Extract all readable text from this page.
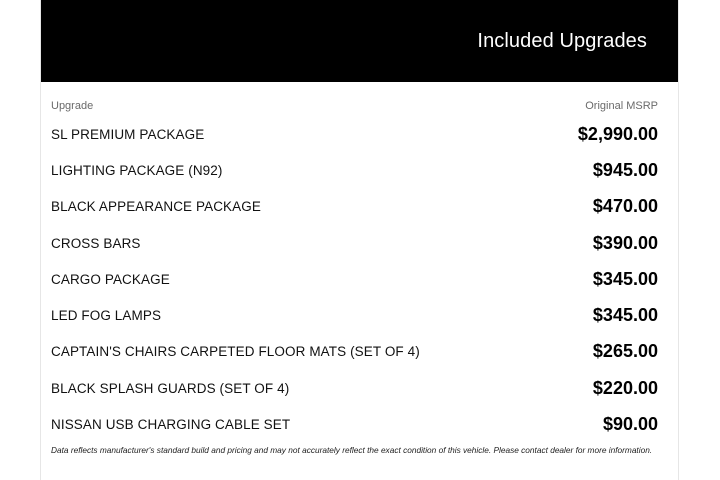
Included Upgrades
Upgrade	Original MSRP
SL PREMIUM PACKAGE	$2,990.00
LIGHTING PACKAGE (N92)	$945.00
BLACK APPEARANCE PACKAGE	$470.00
CROSS BARS	$390.00
CARGO PACKAGE	$345.00
LED FOG LAMPS	$345.00
CAPTAIN'S CHAIRS CARPETED FLOOR MATS (SET OF 4)	$265.00
BLACK SPLASH GUARDS (SET OF 4)	$220.00
NISSAN USB CHARGING CABLE SET	$90.00
Data reflects manufacturer's standard build and pricing and may not accurately reflect the exact condition of this vehicle. Please contact dealer for more information.
